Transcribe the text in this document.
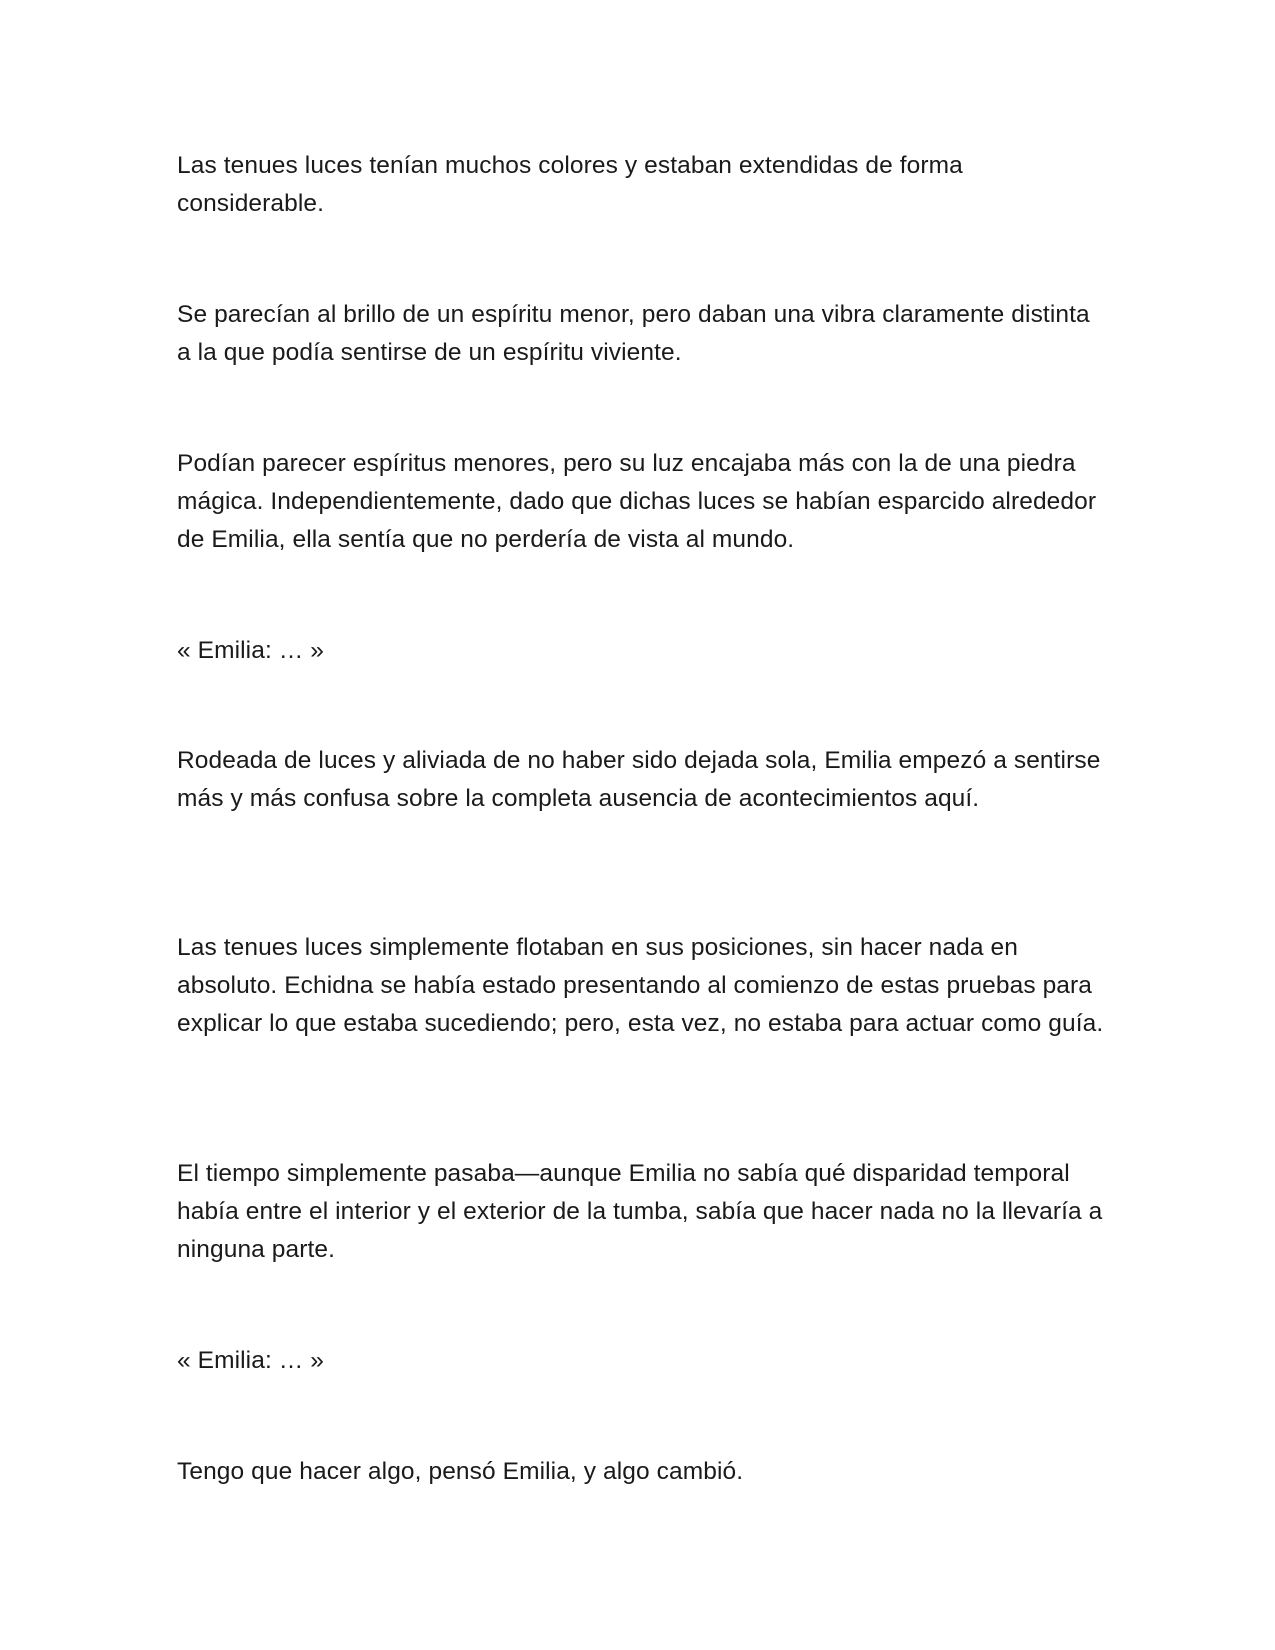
Las tenues luces tenían muchos colores y estaban extendidas de forma considerable.

Se parecían al brillo de un espíritu menor, pero daban una vibra claramente distinta a la que podía sentirse de un espíritu viviente.

Podían parecer espíritus menores, pero su luz encajaba más con la de una piedra mágica. Independientemente, dado que dichas luces se habían esparcido alrededor de Emilia, ella sentía que no perdería de vista al mundo.

« Emilia: … »

Rodeada de luces y aliviada de no haber sido dejada sola, Emilia empezó a sentirse más y más confusa sobre la completa ausencia de acontecimientos aquí.

Las tenues luces simplemente flotaban en sus posiciones, sin hacer nada en absoluto. Echidna se había estado presentando al comienzo de estas pruebas para explicar lo que estaba sucediendo; pero, esta vez, no estaba para actuar como guía.

El tiempo simplemente pasaba—aunque Emilia no sabía qué disparidad temporal había entre el interior y el exterior de la tumba, sabía que hacer nada no la llevaría a ninguna parte.

« Emilia: … »

Tengo que hacer algo, pensó Emilia, y algo cambió.
